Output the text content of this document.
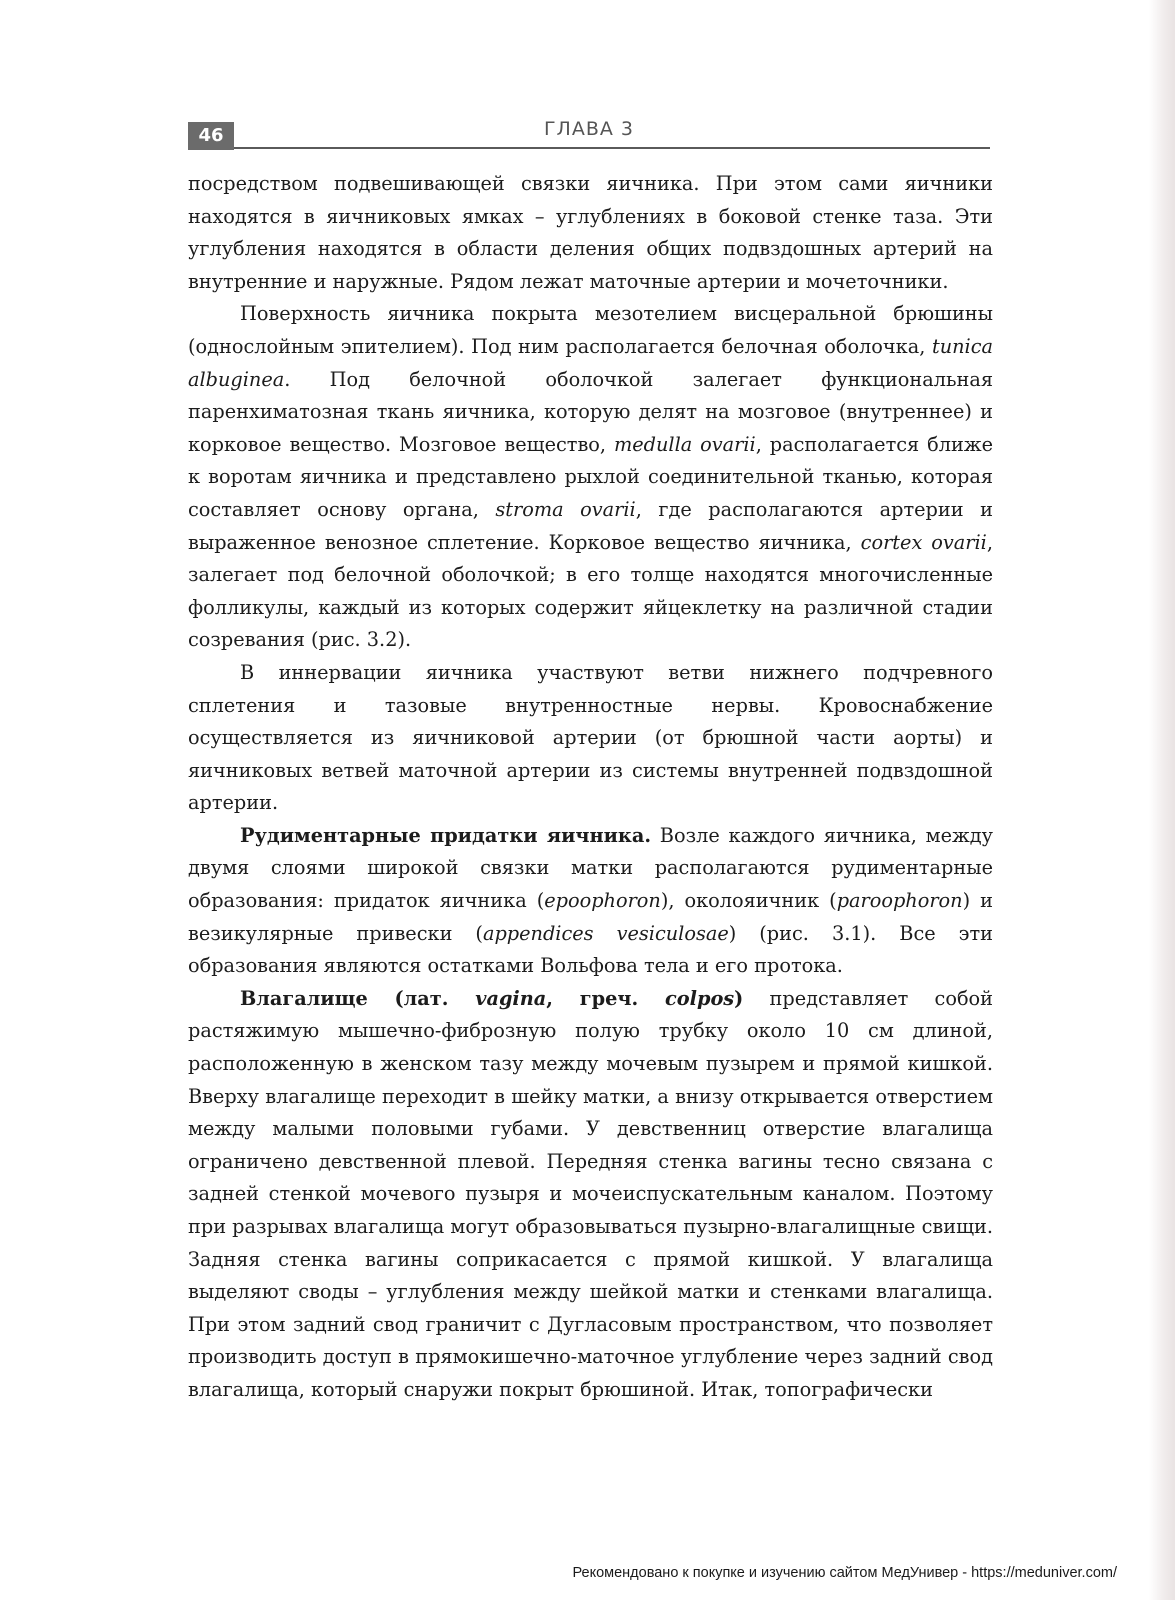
46	ГЛАВА 3

посредством подвешивающей связки яичника. При этом сами яичники находятся в яичниковых ямках – углублениях в боковой стенке таза. Эти углубления находятся в области деления общих подвздошных артерий на внутренние и наружные. Рядом лежат маточные артерии и мочеточники.

Поверхность яичника покрыта мезотелием висцеральной брюшины (однослойным эпителием). Под ним располагается белочная оболочка, tunica albuginea. Под белочной оболочкой залегает функциональная паренхиматозная ткань яичника, которую делят на мозговое (внутреннее) и корковое вещество. Мозговое вещество, medulla ovarii, располагается ближе к воротам яичника и представлено рыхлой соединительной тканью, которая составляет основу органа, stroma ovarii, где располагаются артерии и выраженное венозное сплетение. Корковое вещество яичника, cortex ovarii, залегает под белочной оболочкой; в его толще находятся многочисленные фолликулы, каждый из которых содержит яйцеклетку на различной стадии созревания (рис. 3.2).

В иннервации яичника участвуют ветви нижнего подчревного сплетения и тазовые внутренностные нервы. Кровоснабжение осуществляется из яичниковой артерии (от брюшной части аорты) и яичниковых ветвей маточной артерии из системы внутренней подвздошной артерии.

Рудиментарные придатки яичника. Возле каждого яичника, между двумя слоями широкой связки матки располагаются рудиментарные образования: придаток яичника (epoophoron), околояичник (paroophoron) и везикулярные привески (appendices vesiculosae) (рис. 3.1). Все эти образования являются остатками Вольфова тела и его протока.

Влагалище (лат. vagina, греч. colpos) представляет собой растяжимую мышечно-фиброзную полую трубку около 10 см длиной, расположенную в женском тазу между мочевым пузырем и прямой кишкой. Вверху влагалище переходит в шейку матки, а внизу открывается отверстием между малыми половыми губами. У девственниц отверстие влагалища ограничено девственной плевой. Передняя стенка вагины тесно связана с задней стенкой мочевого пузыря и мочеиспускательным каналом. Поэтому при разрывах влагалища могут образовываться пузырно-влагалищные свищи. Задняя стенка вагины соприкасается с прямой кишкой. У влагалища выделяют своды – углубления между шейкой матки и стенками влагалища. При этом задний свод граничит с Дугласовым пространством, что позволяет производить доступ в прямокишечно-маточное углубление через задний свод влагалища, который снаружи покрыт брюшиной. Итак, топографически

Рекомендовано к покупке и изучению сайтом МедУнивер - https://meduniver.com/
